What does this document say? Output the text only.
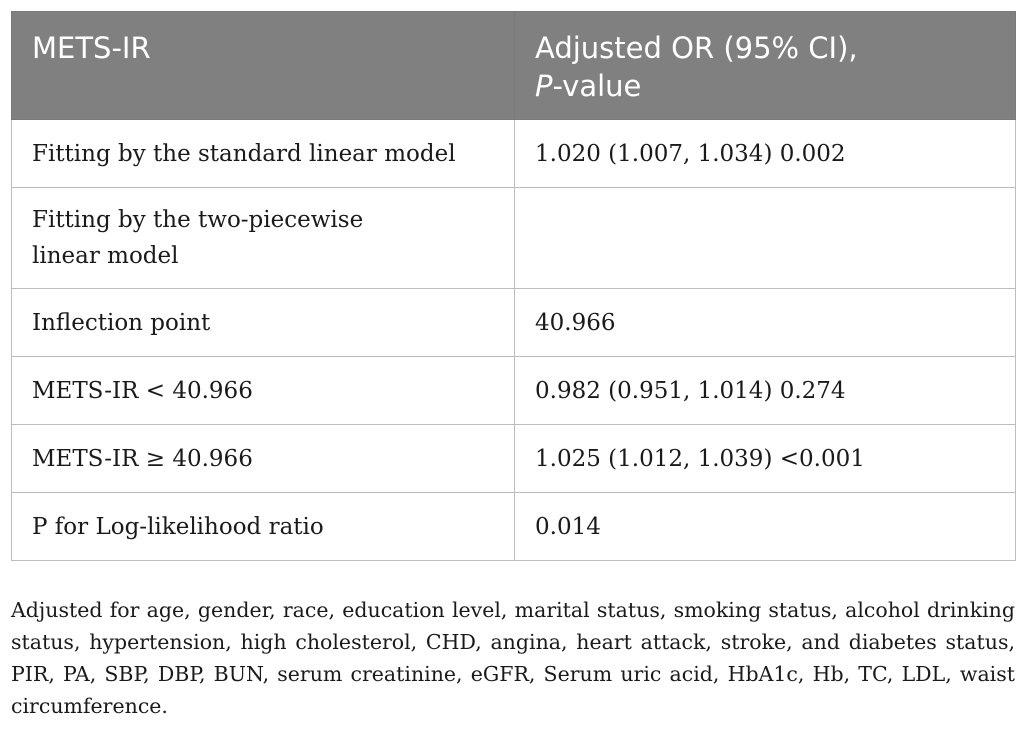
METS-IR	Adjusted OR (95% CI),
P-value
Fitting by the standard linear model	1.020 (1.007, 1.034) 0.002
Fitting by the two-piecewise linear model	
Inflection point	40.966
METS-IR < 40.966	0.982 (0.951, 1.014) 0.274
METS-IR ≥ 40.966	1.025 (1.012, 1.039) <0.001
P for Log-likelihood ratio	0.014

Adjusted for age, gender, race, education level, marital status, smoking status, alcohol drinking status, hypertension, high cholesterol, CHD, angina, heart attack, stroke, and diabetes status, PIR, PA, SBP, DBP, BUN, serum creatinine, eGFR, Serum uric acid, HbA1c, Hb, TC, LDL, waist circumference.
